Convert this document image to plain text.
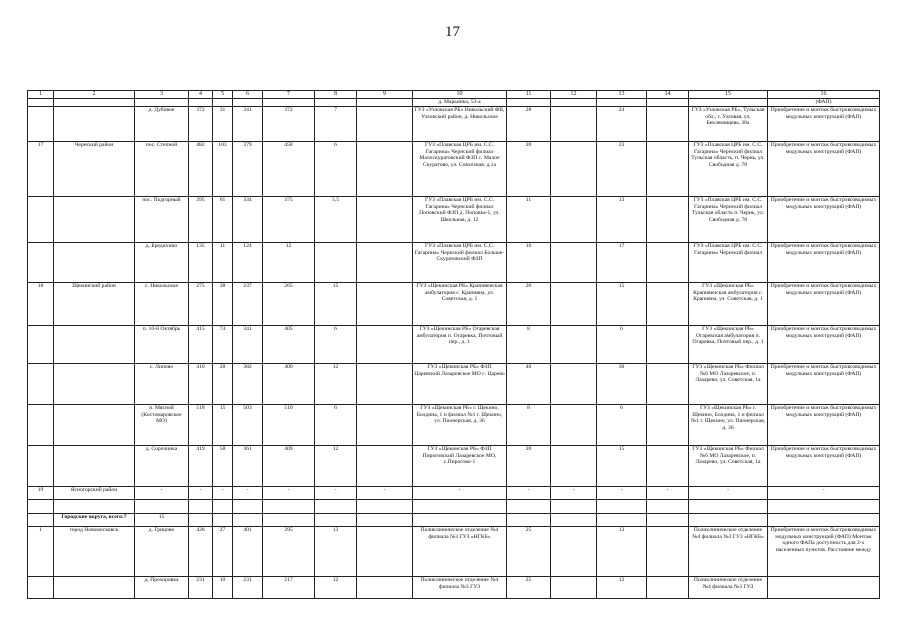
17
1	2	3	4	5	6	7	8	9	10	11	12	13	14	15	16
									д. Марьинка, 53-а						(ФАП)
		д. Дубовое	372	31	341	372	7		ГУЗ «Узловская РБ» Никольский ФВ, Узловский район, д. Никольское	28		24		ГУЗ «Узловская РБ», Тульская обл., г. Узловая, ул. Беклемищева, 38а	Приобретение и монтаж быстровозводимых модульных конструкций (ФАП)
17	Чернский район	пос. Степной	482	103	379	458	6		ГУЗ «Плавская ЦРБ им. С.С. Гагарина» Чернский филиал Малоскуратовский ФЗП с. Малое Скуратово, ул. Совхозная, д.1а	20		23		ГУЗ «Плавская ЦРБ им. С.С. Гагарина» Чернский филиал Тульская область, п. Чернь, ул. Свободная д. 78	Приобретение и монтаж быстровозводимых модульных конструкций (ФАП)
		пос. Подгорный	395	61	334	375	5,5		ГУЗ «Плавская ЦРБ им. С.С. Гагарина» Чернский филиал Поповский ФЗП д. Поповка-1, ул. Школьная, д. 12	11		13		ГУЗ «Плавская ЦРБ им. С.С. Гагарина» Чернский филиал Тульская область п. Чернь, ул. Свободная д. 78	Приобретение и монтаж быстровозводимых модульных конструкций (ФАП)
		д. Бредихино	135	11	124	12			ГУЗ «Плавская ЦРБ им. С.С. Гагарина» Чернский филиал Больше-Скуратовский ФЗП	16		17		ГУЗ «Плавская ЦРБ им. С.С. Гагарина» Чернский филиал	Приобретение и монтаж быстровозводимых модульных конструкций (ФАП)
18	Щекинский район	с. Никольское	275	38	237	265	15		ГУЗ «Щекинская РБ» Крапивенская амбулатория с. Крапивна, ул. Советская, д. 1	20		15		ГУЗ «Щекинская РБ» Крапивенская амбулатория с. Крапивна, ул. Советская, д. 1	Приобретение и монтаж быстровозводимых модульных конструкций (ФАП)
		п. 10-й Октябрь	415	74	341	405	6		ГУЗ «Щекинская РБ» Огаревская амбулатория п. Огаревка, Почтовый пер., д. 1	8		6		ГУЗ «Щекинская РБ» Огаревская амбулатория п. Огаревка, Почтовый пер., д. 1	Приобретение и монтаж быстровозводимых модульных конструкций (ФАП)
		с. Липово	410	28	382	400	12		ГУЗ «Щекинская РБ» ФЗП Царевский Лазаревское МО с. Царево	40		30		ГУЗ «Щекинская РБ» Филиал №6 МО Лазаревское, п. Лазарево, ул. Советская, 1а	Приобретение и монтаж быстровозводимых модульных конструкций (ФАП)
		п. Мясной (Костомаровское МО)	518	15	503	510	6		ГУЗ «Щекинская РБ» г. Щекино, Болдина, 1 и филиал №1 г. Щекино, ул. Пионерская, д. 36	8		6		ГУЗ «Щекинская РБ» г. Щекино, Болдина, 1 и филиал №1 г. Щекино, ул. Пионерская, д. 36	Приобретение и монтаж быстровозводимых модульных конструкций (ФАП)
		д. Сорочинка	419	58	361	409	12		ГУЗ «Щекинская РБ» ФЗП Пироговский Лазаревское МО, с.Пирогово-1	20		15		ГУЗ «Щекинская РБ» Филиал №6 МО Лазаревское, п. Лазарево, ул. Советская, 1а	Приобретение и монтаж быстровозводимых модульных конструкций (ФАП)
19	Ясногорский район	-	-	-	-	-	-	-	-	-	-	-	-	-	-

	Городские округа, всего:7	15													
1	город Новомосковск	д. Грицово	428	27	401	395	13		Поликлиническое отделение №4 филиала №3 ГУЗ «НГКБ»	25		13		Поликлиническое отделение №4 филиала №3 ГУЗ «НГКБ»	Приобретение и монтаж быстровозводимых модульных конструкций (ФАП) Монтаж одного ФАПа доступность для 2-х населенных пунктов. Расстояние между
		д. Прохоровка	231	10	231	217	12		Поликлиническое отделение №4 филиала №3 ГУЗ	25		12		Поликлиническое отделение №4 филиала №3 ГУЗ	
